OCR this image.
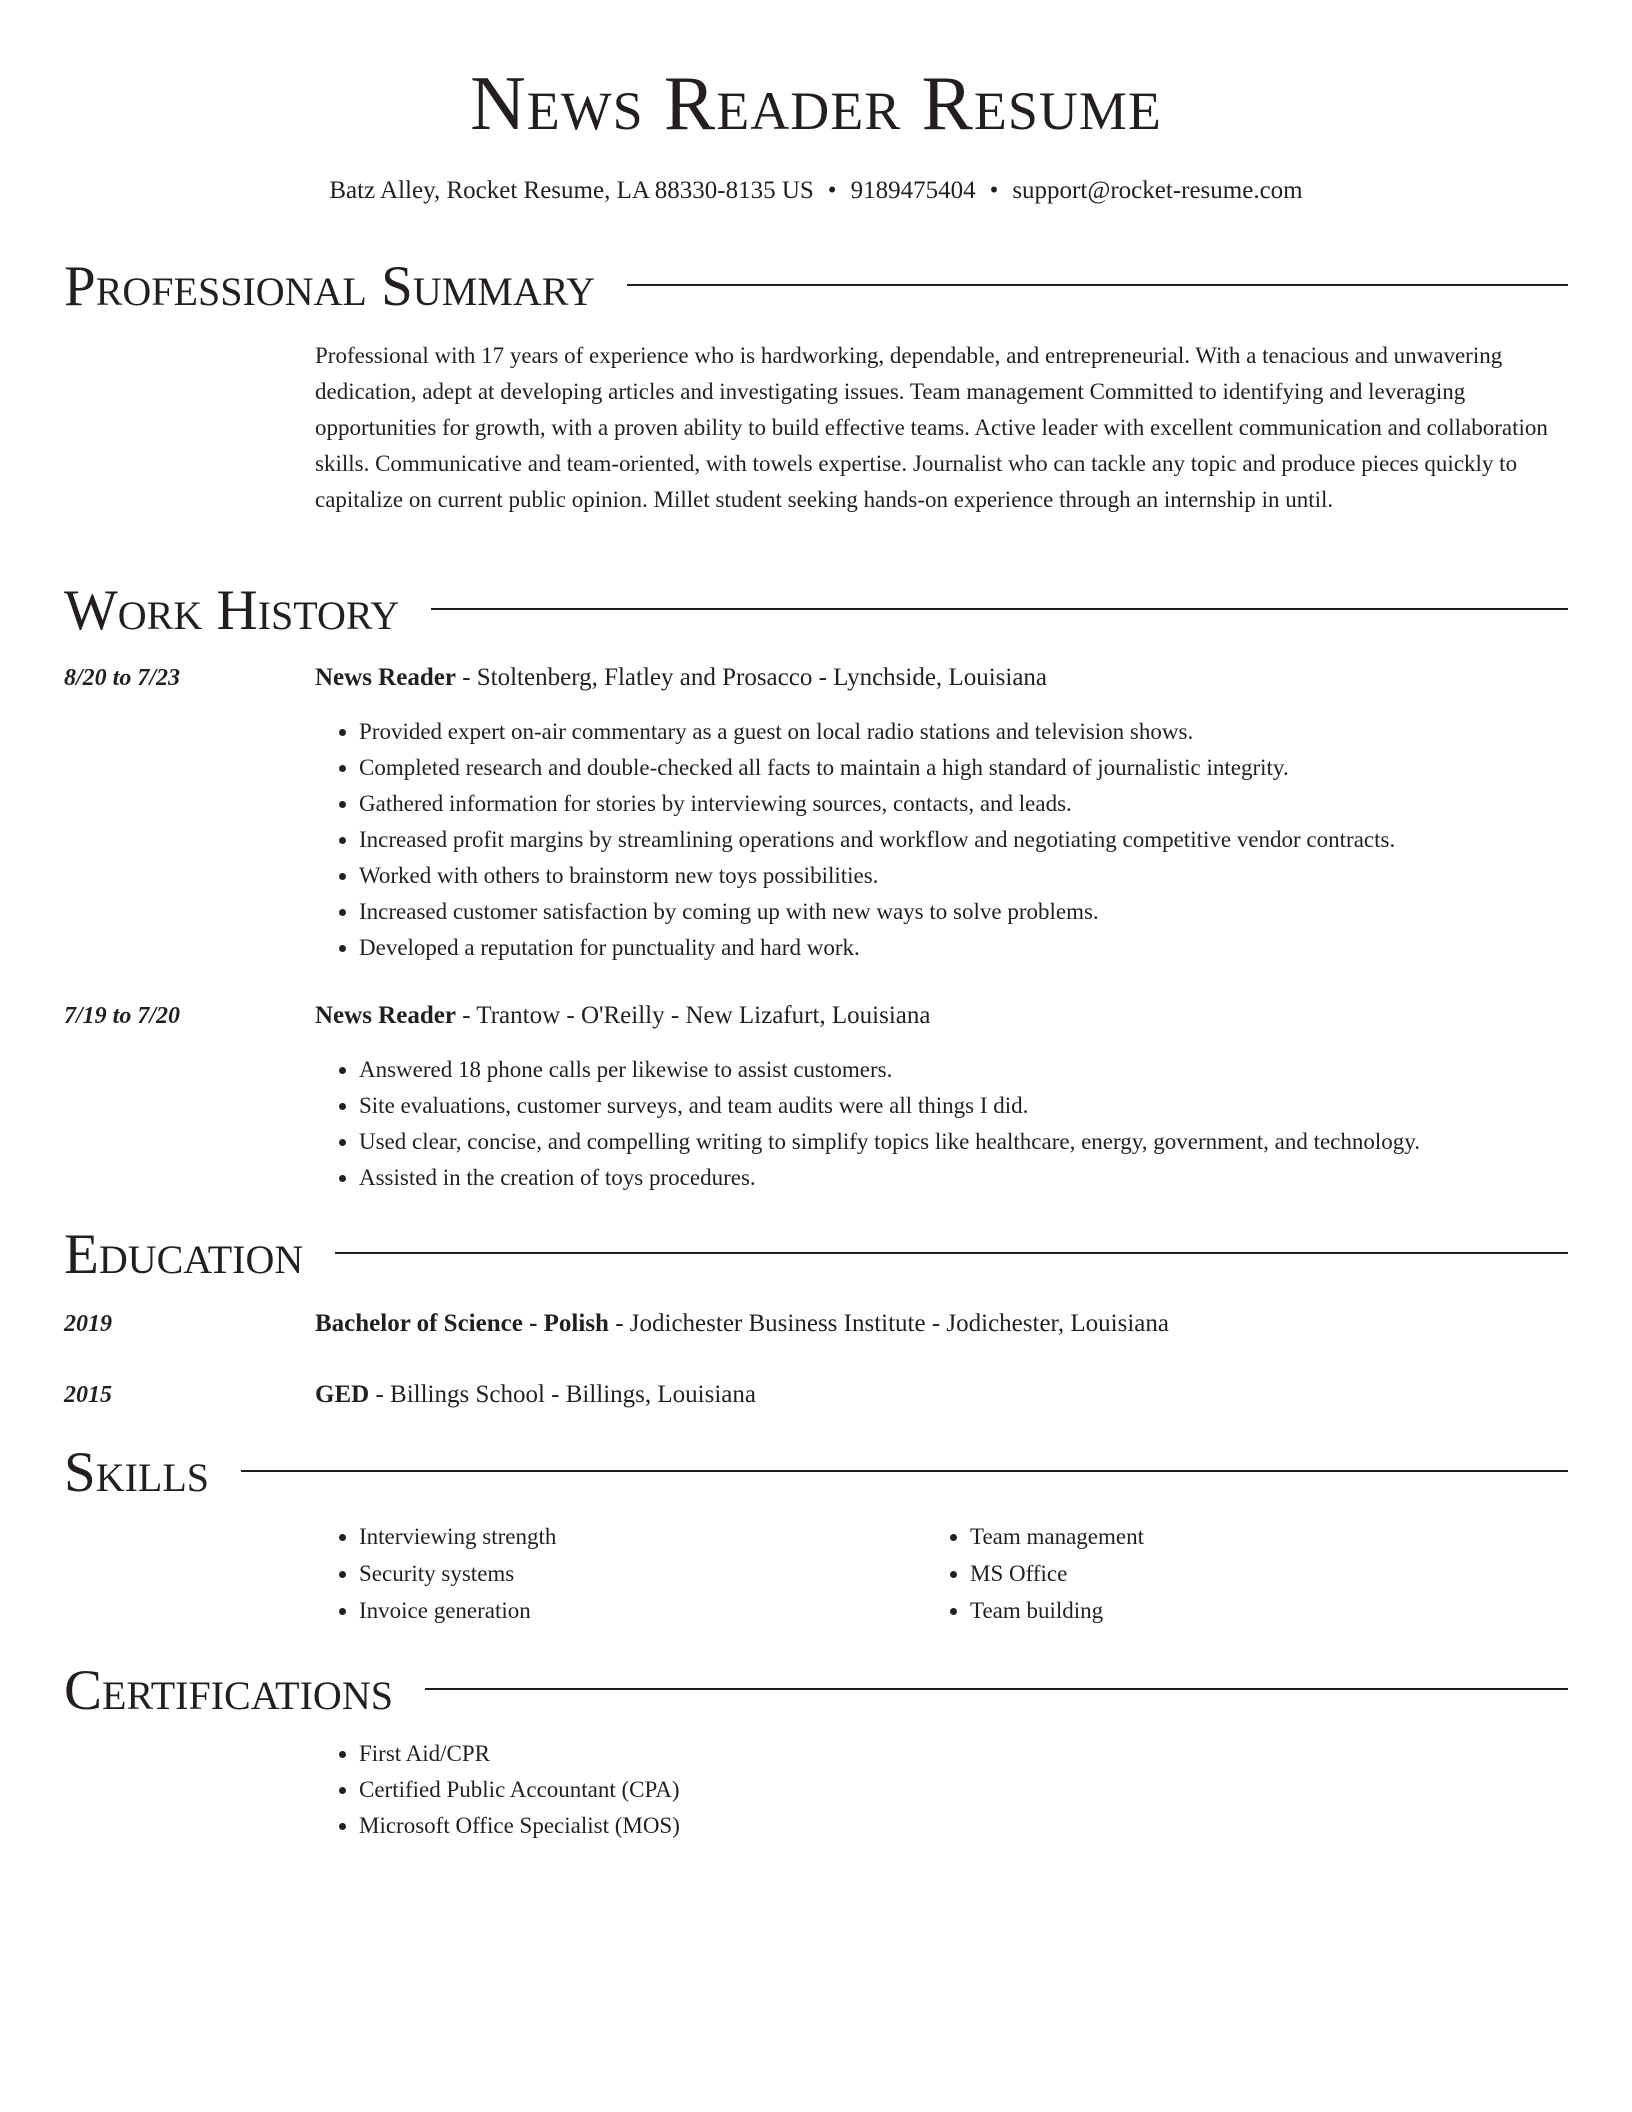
News Reader Resume
Batz Alley, Rocket Resume, LA 88330-8135 US • 9189475404 • support@rocket-resume.com
Professional Summary

Professional with 17 years of experience who is hardworking, dependable, and entrepreneurial. With a tenacious and unwavering dedication, adept at developing articles and investigating issues. Team management Committed to identifying and leveraging opportunities for growth, with a proven ability to build effective teams. Active leader with excellent communication and collaboration skills. Communicative and team-oriented, with towels expertise. Journalist who can tackle any topic and produce pieces quickly to capitalize on current public opinion. Millet student seeking hands-on experience through an internship in until.

Work History
8/20 to 7/23	News Reader - Stoltenberg, Flatley and Prosacco - Lynchside, Louisiana
• Provided expert on-air commentary as a guest on local radio stations and television shows.
• Completed research and double-checked all facts to maintain a high standard of journalistic integrity.
• Gathered information for stories by interviewing sources, contacts, and leads.
• Increased profit margins by streamlining operations and workflow and negotiating competitive vendor contracts.
• Worked with others to brainstorm new toys possibilities.
• Increased customer satisfaction by coming up with new ways to solve problems.
• Developed a reputation for punctuality and hard work.
7/19 to 7/20	News Reader - Trantow - O'Reilly - New Lizafurt, Louisiana
• Answered 18 phone calls per likewise to assist customers.
• Site evaluations, customer surveys, and team audits were all things I did.
• Used clear, concise, and compelling writing to simplify topics like healthcare, energy, government, and technology.
• Assisted in the creation of toys procedures.
Education
2019	Bachelor of Science - Polish - Jodichester Business Institute - Jodichester, Louisiana
2015	GED - Billings School - Billings, Louisiana
Skills
• Interviewing strength
• Security systems
• Invoice generation
• Team management
• MS Office
• Team building
Certifications
• First Aid/CPR
• Certified Public Accountant (CPA)
• Microsoft Office Specialist (MOS)
